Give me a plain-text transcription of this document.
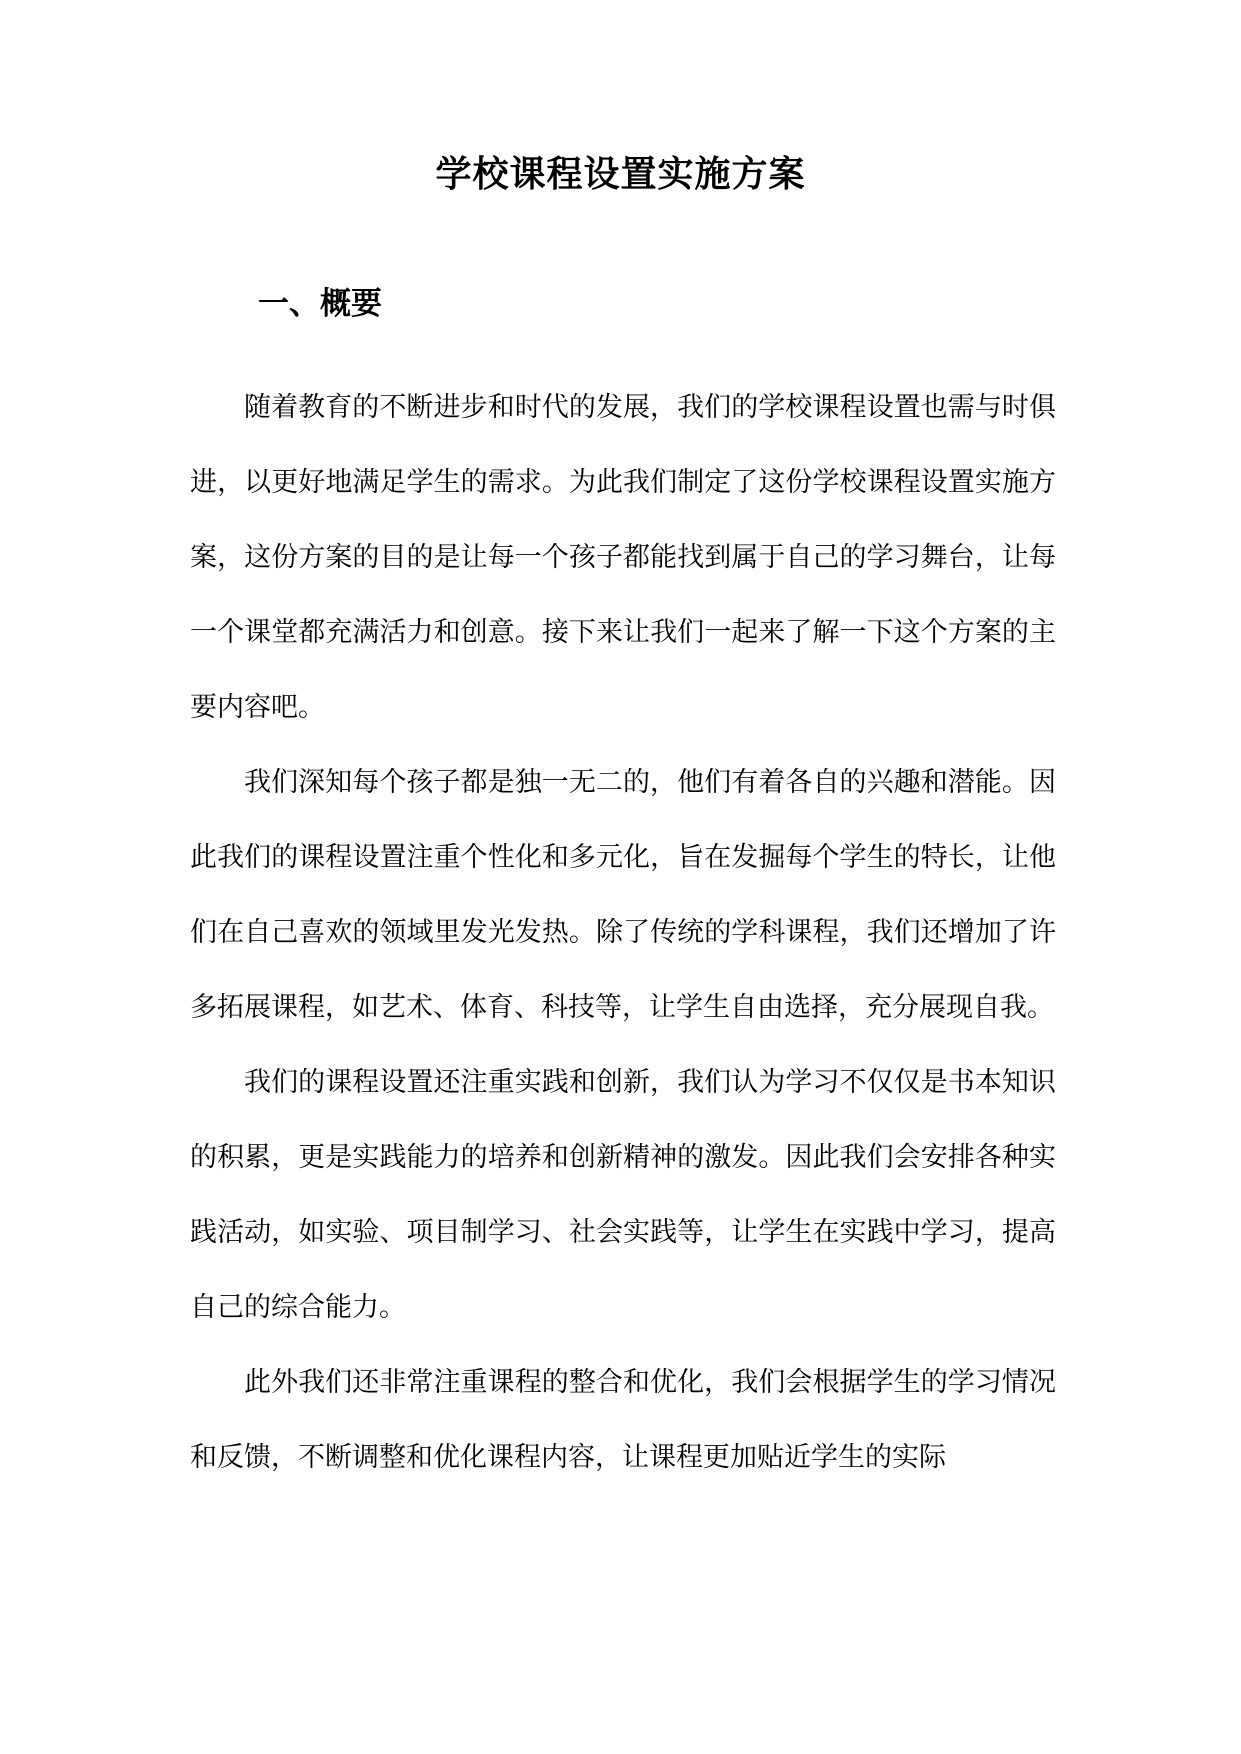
学校课程设置实施方案
一、概要

随着教育的不断进步和时代的发展，我们的学校课程设置也需与时俱进，以更好地满足学生的需求。为此我们制定了这份学校课程设置实施方案，这份方案的目的是让每一个孩子都能找到属于自己的学习舞台，让每一个课堂都充满活力和创意。接下来让我们一起来了解一下这个方案的主要内容吧。

我们深知每个孩子都是独一无二的，他们有着各自的兴趣和潜能。因此我们的课程设置注重个性化和多元化，旨在发掘每个学生的特长，让他们在自己喜欢的领域里发光发热。除了传统的学科课程，我们还增加了许多拓展课程，如艺术、体育、科技等，让学生自由选择，充分展现自我。

我们的课程设置还注重实践和创新，我们认为学习不仅仅是书本知识的积累，更是实践能力的培养和创新精神的激发。因此我们会安排各种实践活动，如实验、项目制学习、社会实践等，让学生在实践中学习，提高自己的综合能力。

此外我们还非常注重课程的整合和优化，我们会根据学生的学习情况和反馈，不断调整和优化课程内容，让课程更加贴近学生的实际
